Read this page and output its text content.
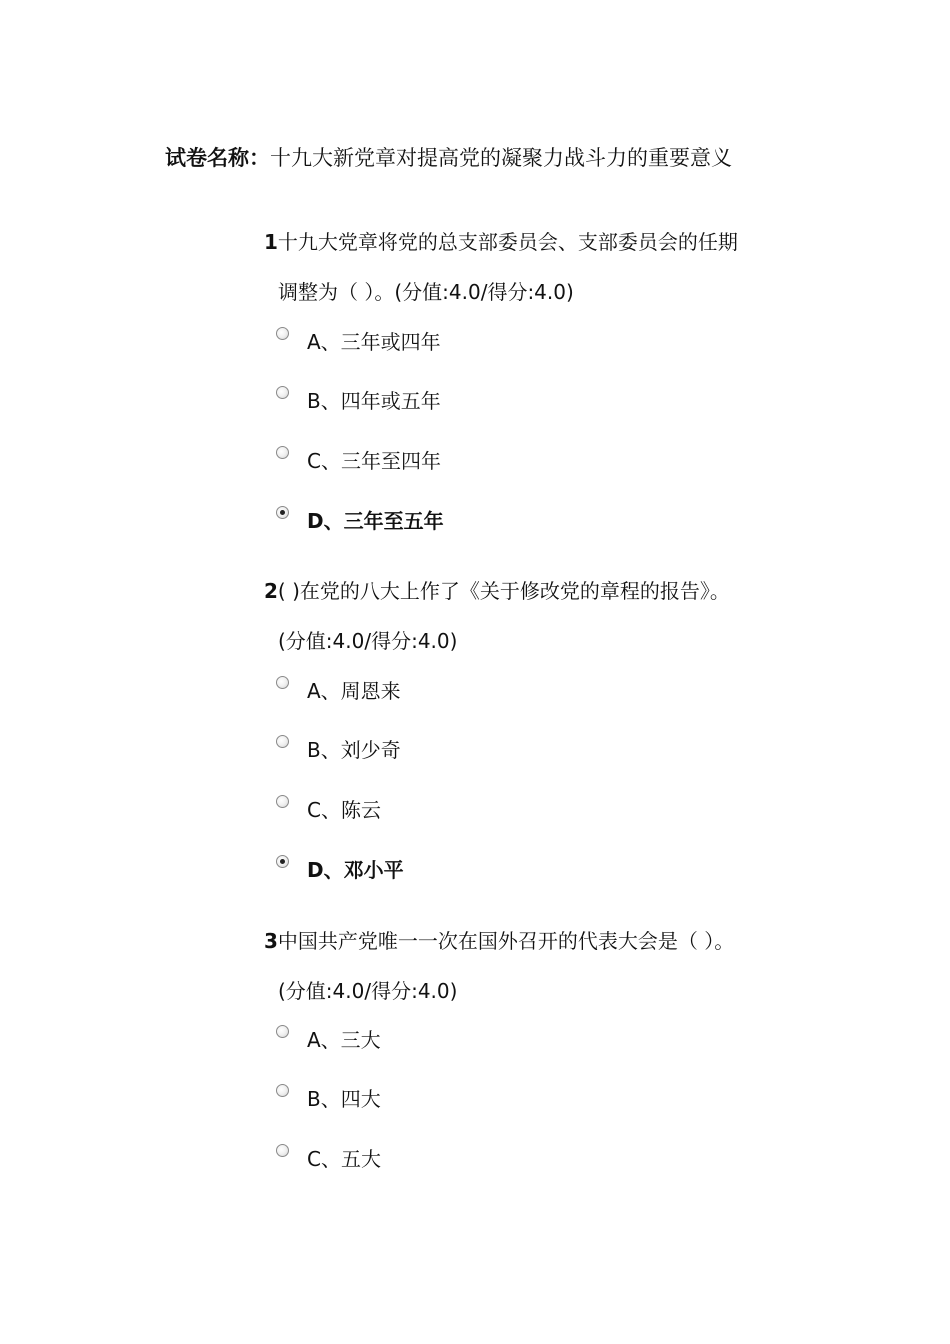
试卷名称：十九大新党章对提高党的凝聚力战斗力的重要意义
1十九大党章将党的总支部委员会、支部委员会的任期
调整为（ ）。(分值:4.0/得分:4.0)
A、三年或四年
B、四年或五年
C、三年至四年
D、三年至五年
2( )在党的八大上作了《关于修改党的章程的报告》。
(分值:4.0/得分:4.0)
A、周恩来
B、刘少奇
C、陈云
D、邓小平
3中国共产党唯一一次在国外召开的代表大会是（ ）。
(分值:4.0/得分:4.0)
A、三大
B、四大
C、五大
